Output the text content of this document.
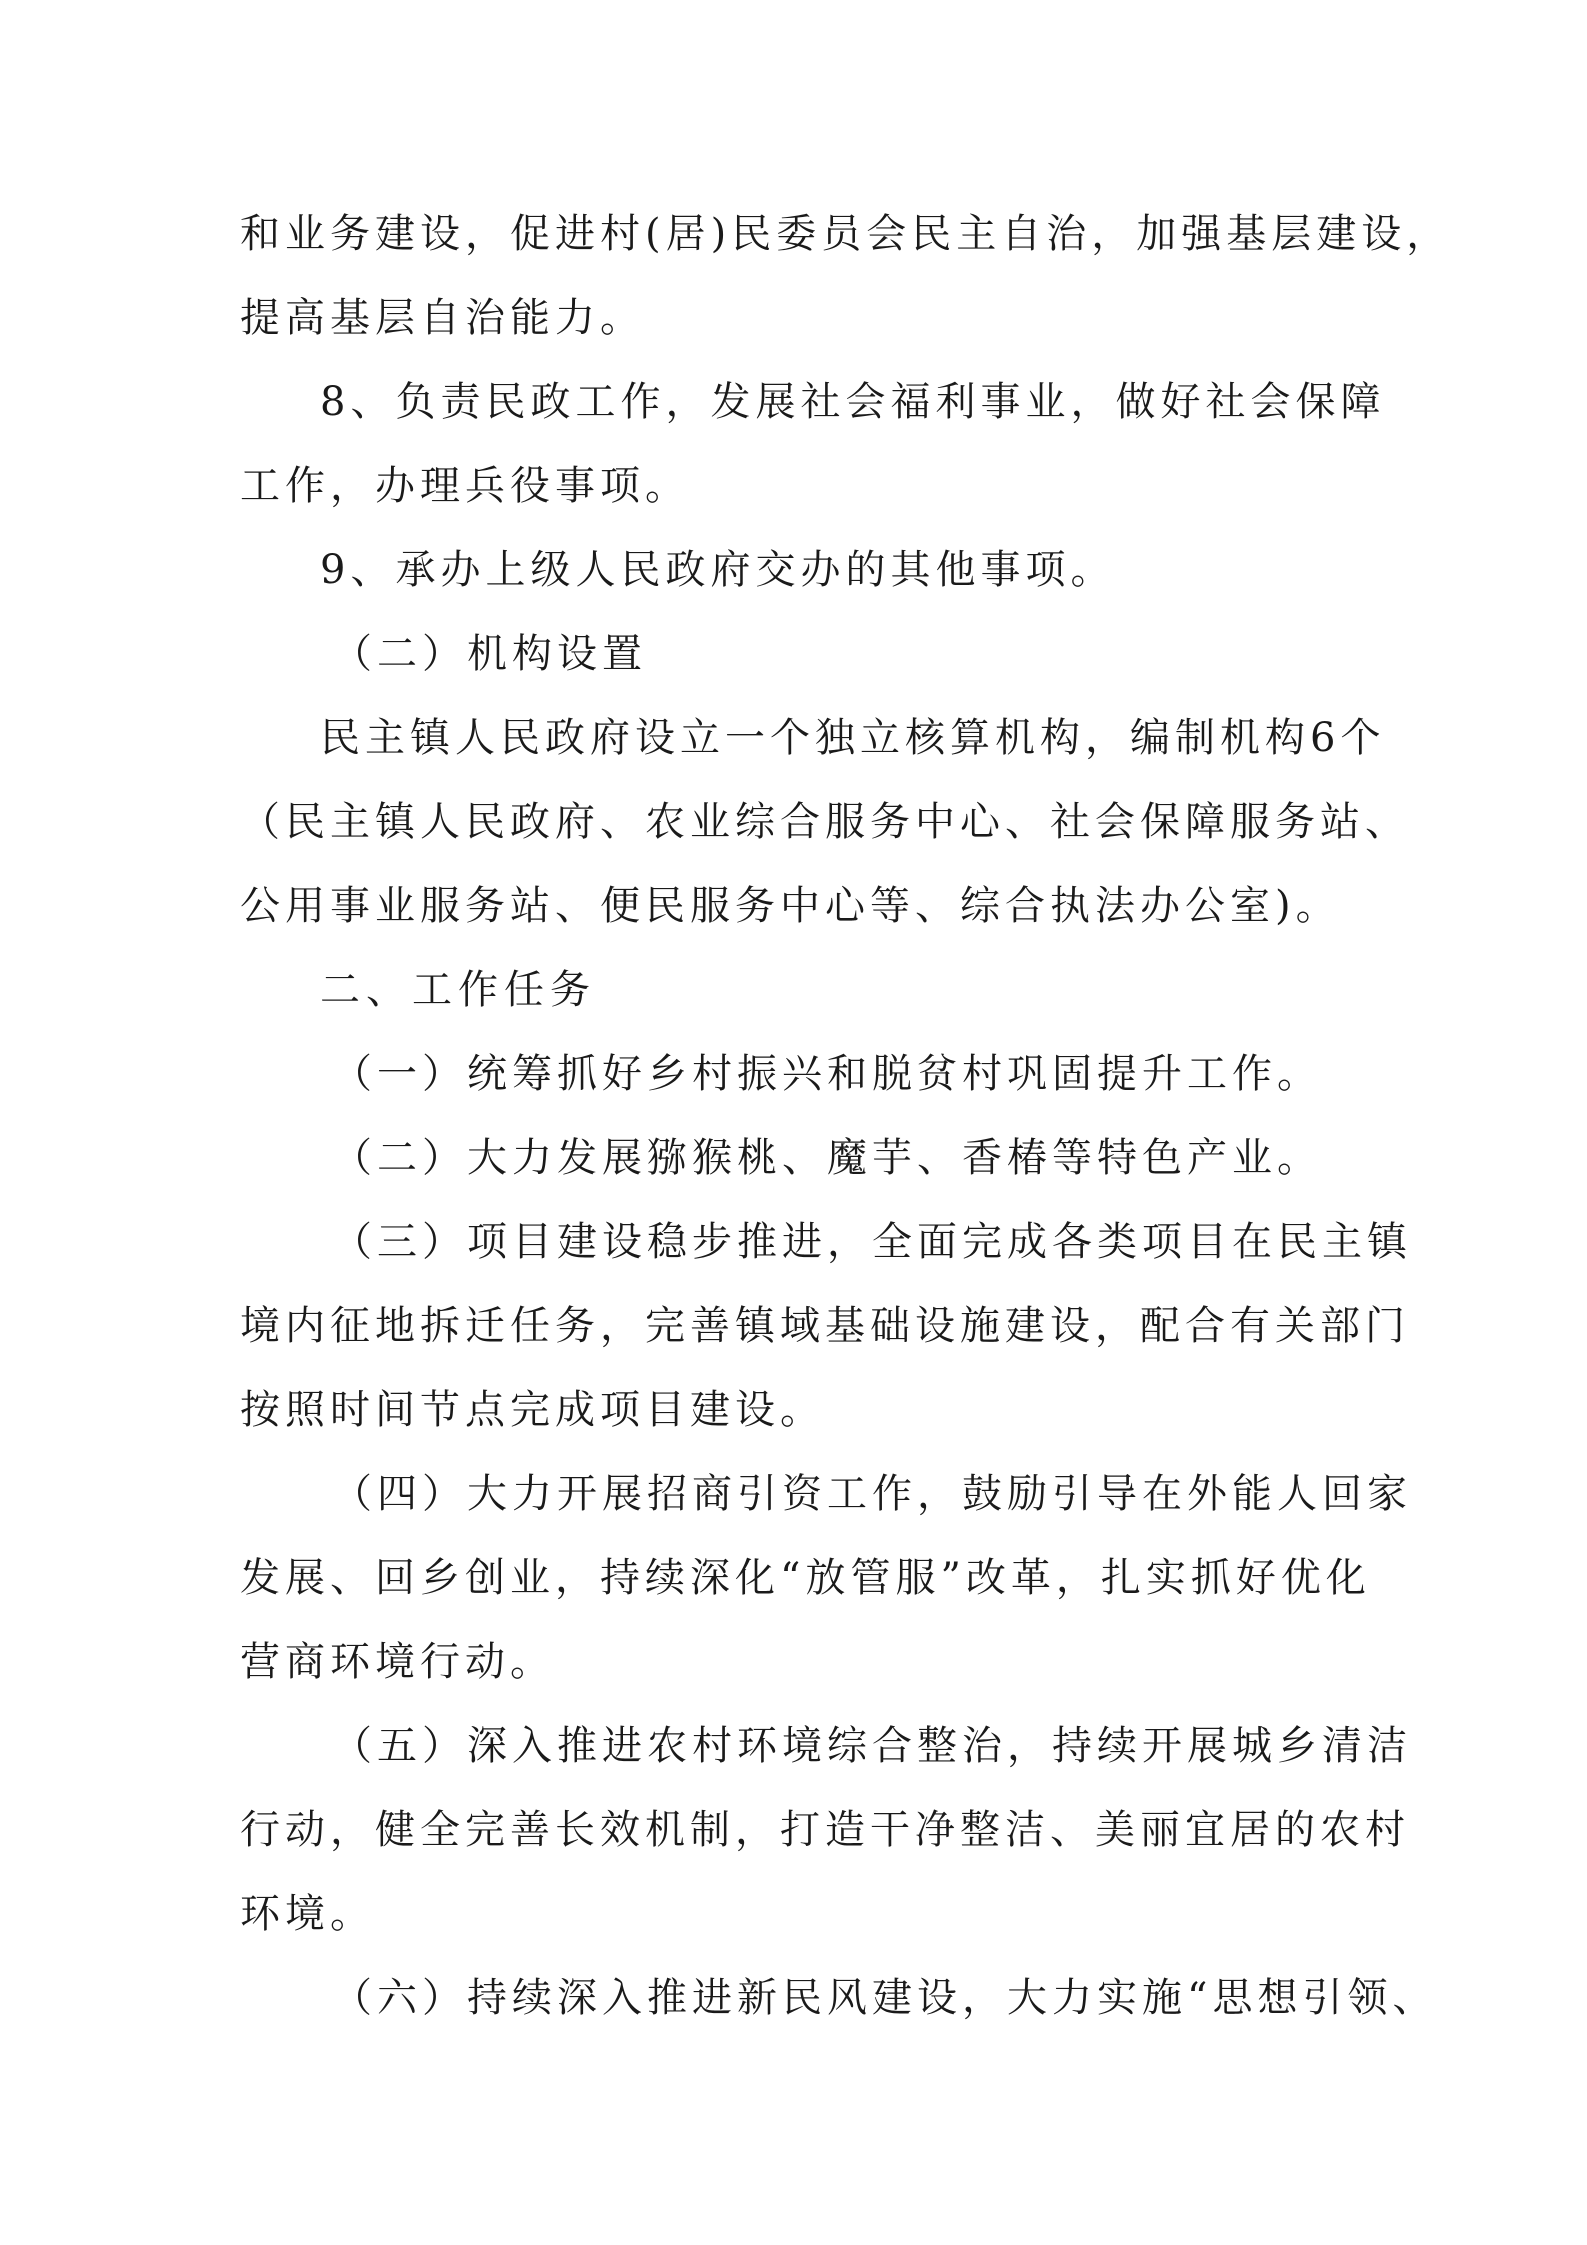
和业务建设，促进村(居)民委员会民主自治，加强基层建设，
提高基层自治能力。
8、负责民政工作，发展社会福利事业，做好社会保障
工作，办理兵役事项。
9、承办上级人民政府交办的其他事项。
（二）机构设置
民主镇人民政府设立一个独立核算机构，编制机构6个
（民主镇人民政府、农业综合服务中心、社会保障服务站、
公用事业服务站、便民服务中心等、综合执法办公室)。
二、工作任务
（一）统筹抓好乡村振兴和脱贫村巩固提升工作。
（二）大力发展猕猴桃、魔芋、香椿等特色产业。
（三）项目建设稳步推进，全面完成各类项目在民主镇
境内征地拆迁任务，完善镇域基础设施建设，配合有关部门
按照时间节点完成项目建设。
（四）大力开展招商引资工作，鼓励引导在外能人回家
发展、回乡创业，持续深化“放管服”改革，扎实抓好优化
营商环境行动。
（五）深入推进农村环境综合整治，持续开展城乡清洁
行动，健全完善长效机制，打造干净整洁、美丽宜居的农村
环境。
（六）持续深入推进新民风建设，大力实施“思想引领、
